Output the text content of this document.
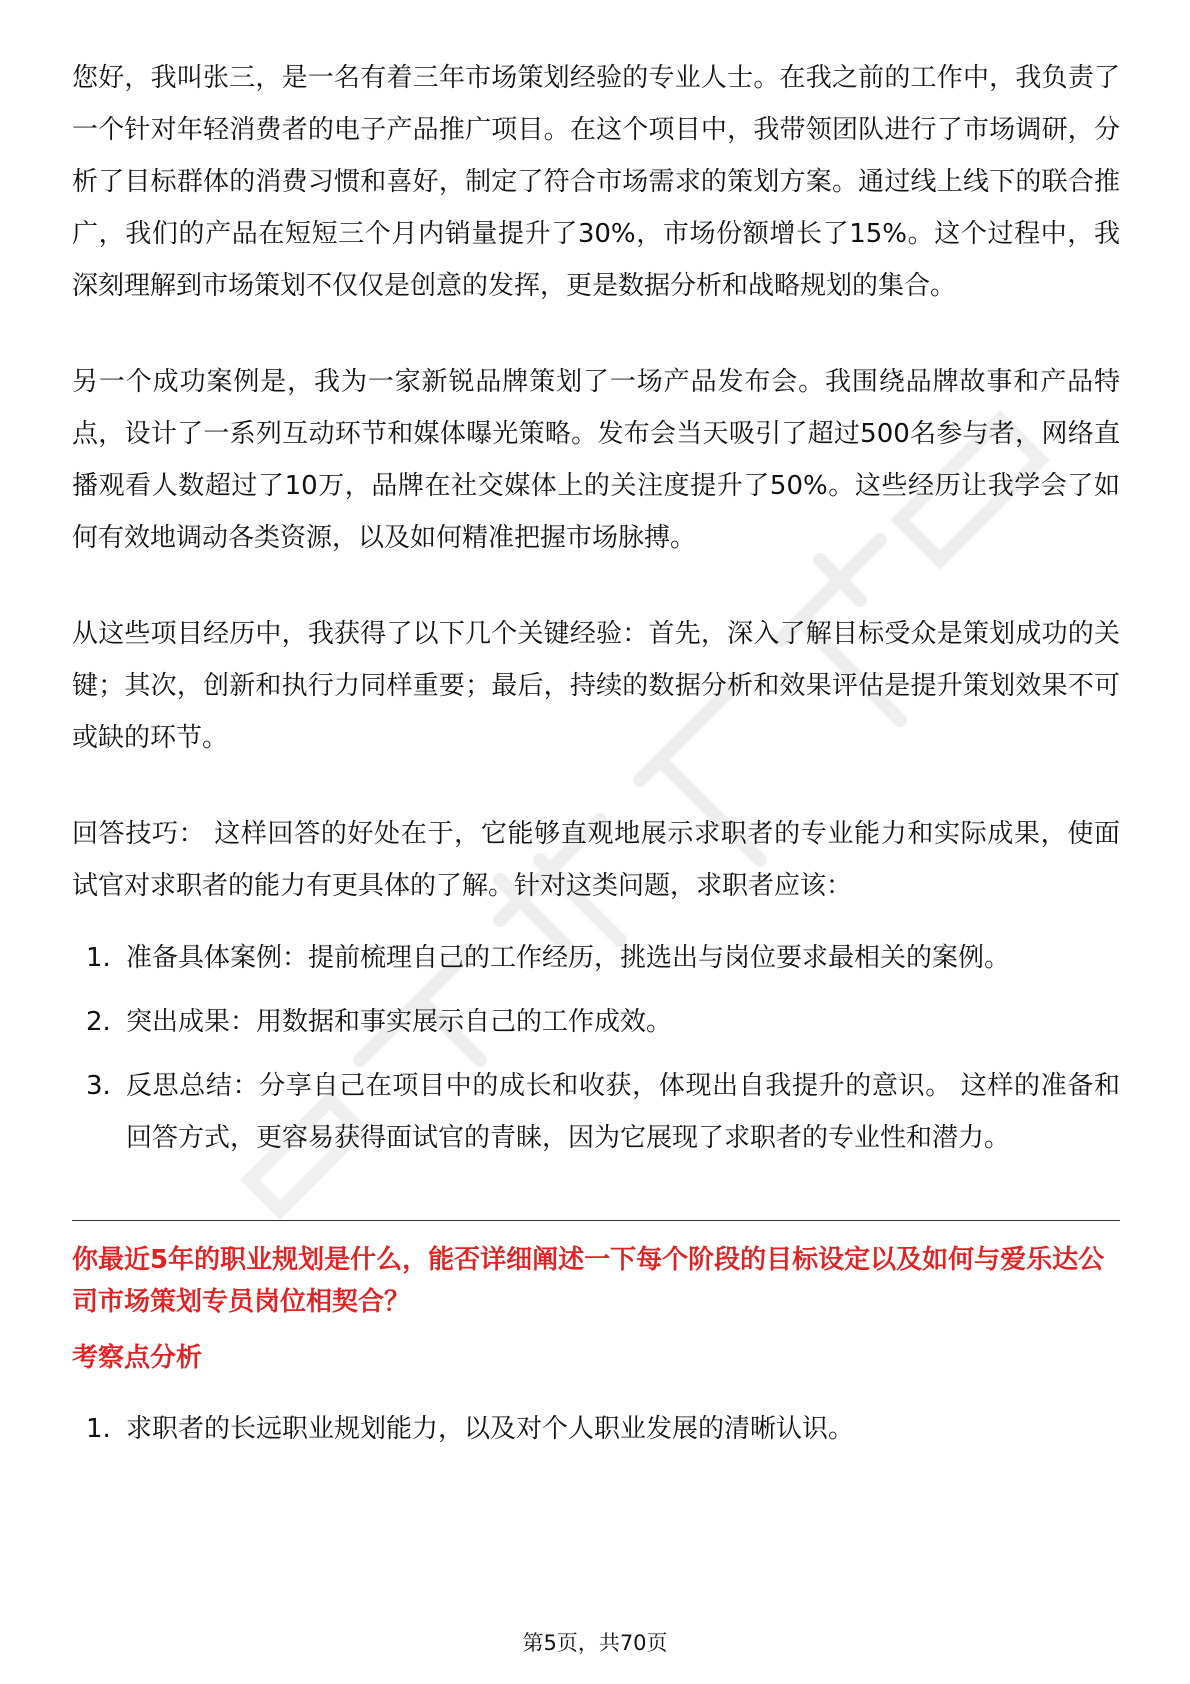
您好，我叫张三，是一名有着三年市场策划经验的专业人士。在我之前的工作中，我负责了一个针对年轻消费者的电子产品推广项目。在这个项目中，我带领团队进行了市场调研，分析了目标群体的消费习惯和喜好，制定了符合市场需求的策划方案。通过线上线下的联合推广，我们的产品在短短三个月内销量提升了30%，市场份额增长了15%。这个过程中，我深刻理解到市场策划不仅仅是创意的发挥，更是数据分析和战略规划的集合。

另一个成功案例是，我为一家新锐品牌策划了一场产品发布会。我围绕品牌故事和产品特点，设计了一系列互动环节和媒体曝光策略。发布会当天吸引了超过500名参与者，网络直播观看人数超过了10万，品牌在社交媒体上的关注度提升了50%。这些经历让我学会了如何有效地调动各类资源，以及如何精准把握市场脉搏。

从这些项目经历中，我获得了以下几个关键经验：首先，深入了解目标受众是策划成功的关键；其次，创新和执行力同样重要；最后，持续的数据分析和效果评估是提升策划效果不可或缺的环节。

回答技巧： 这样回答的好处在于，它能够直观地展示求职者的专业能力和实际成果，使面试官对求职者的能力有更具体的了解。针对这类问题，求职者应该：

1. 准备具体案例：提前梳理自己的工作经历，挑选出与岗位要求最相关的案例。
2. 突出成果：用数据和事实展示自己的工作成效。
3. 反思总结：分享自己在项目中的成长和收获，体现出自我提升的意识。 这样的准备和回答方式，更容易获得面试官的青睐，因为它展现了求职者的专业性和潜力。
你最近5年的职业规划是什么，能否详细阐述一下每个阶段的目标设定以及如何与爱乐达公司市场策划专员岗位相契合？
考察点分析
1. 求职者的长远职业规划能力，以及对个人职业发展的清晰认识。
第5页，共70页
